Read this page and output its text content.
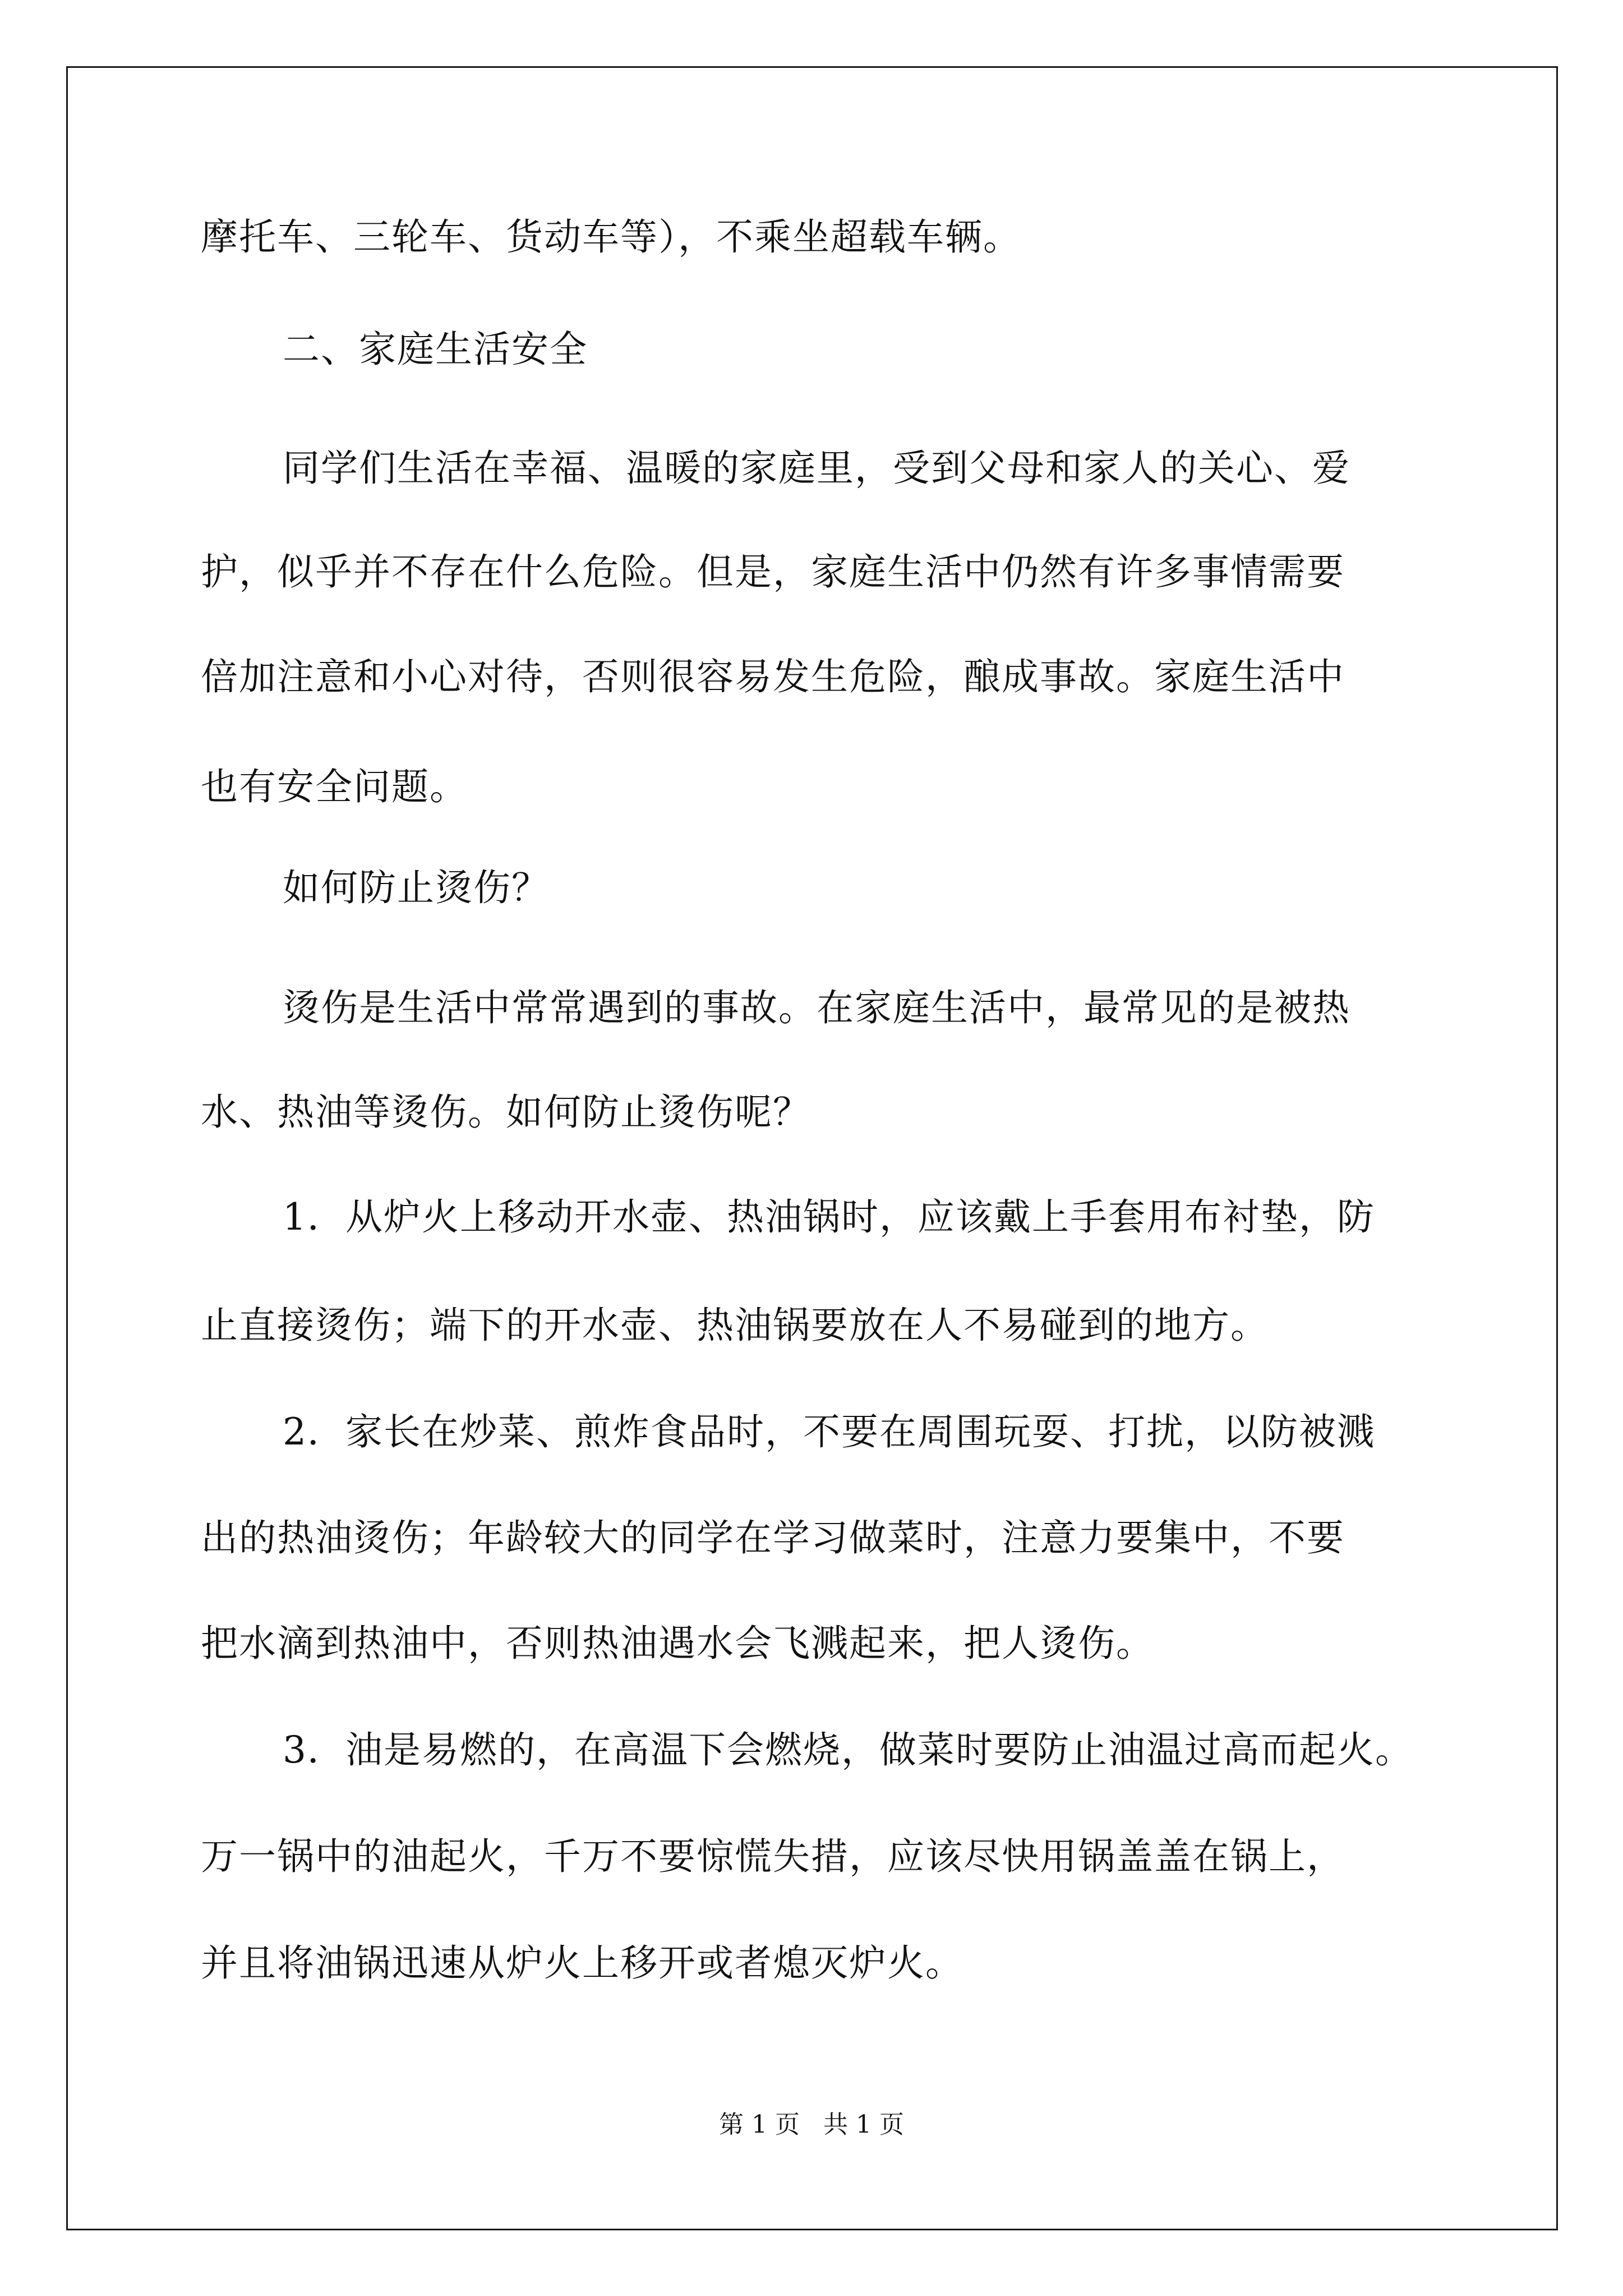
摩托车、三轮车、货动车等），不乘坐超载车辆。
二、家庭生活安全
同学们生活在幸福、温暖的家庭里，受到父母和家人的关心、爱
护，似乎并不存在什么危险。但是，家庭生活中仍然有许多事情需要
倍加注意和小心对待，否则很容易发生危险，酿成事故。家庭生活中
也有安全问题。
如何防止烫伤？
烫伤是生活中常常遇到的事故。在家庭生活中，最常见的是被热
水、热油等烫伤。如何防止烫伤呢？
1．从炉火上移动开水壶、热油锅时，应该戴上手套用布衬垫，防
止直接烫伤；端下的开水壶、热油锅要放在人不易碰到的地方。
2．家长在炒菜、煎炸食品时，不要在周围玩耍、打扰，以防被溅
出的热油烫伤；年龄较大的同学在学习做菜时，注意力要集中，不要
把水滴到热油中，否则热油遇水会飞溅起来，把人烫伤。
3．油是易燃的，在高温下会燃烧，做菜时要防止油温过高而起火。
万一锅中的油起火，千万不要惊慌失措，应该尽快用锅盖盖在锅上，
并且将油锅迅速从炉火上移开或者熄灭炉火。
第 1 页   共 1 页
